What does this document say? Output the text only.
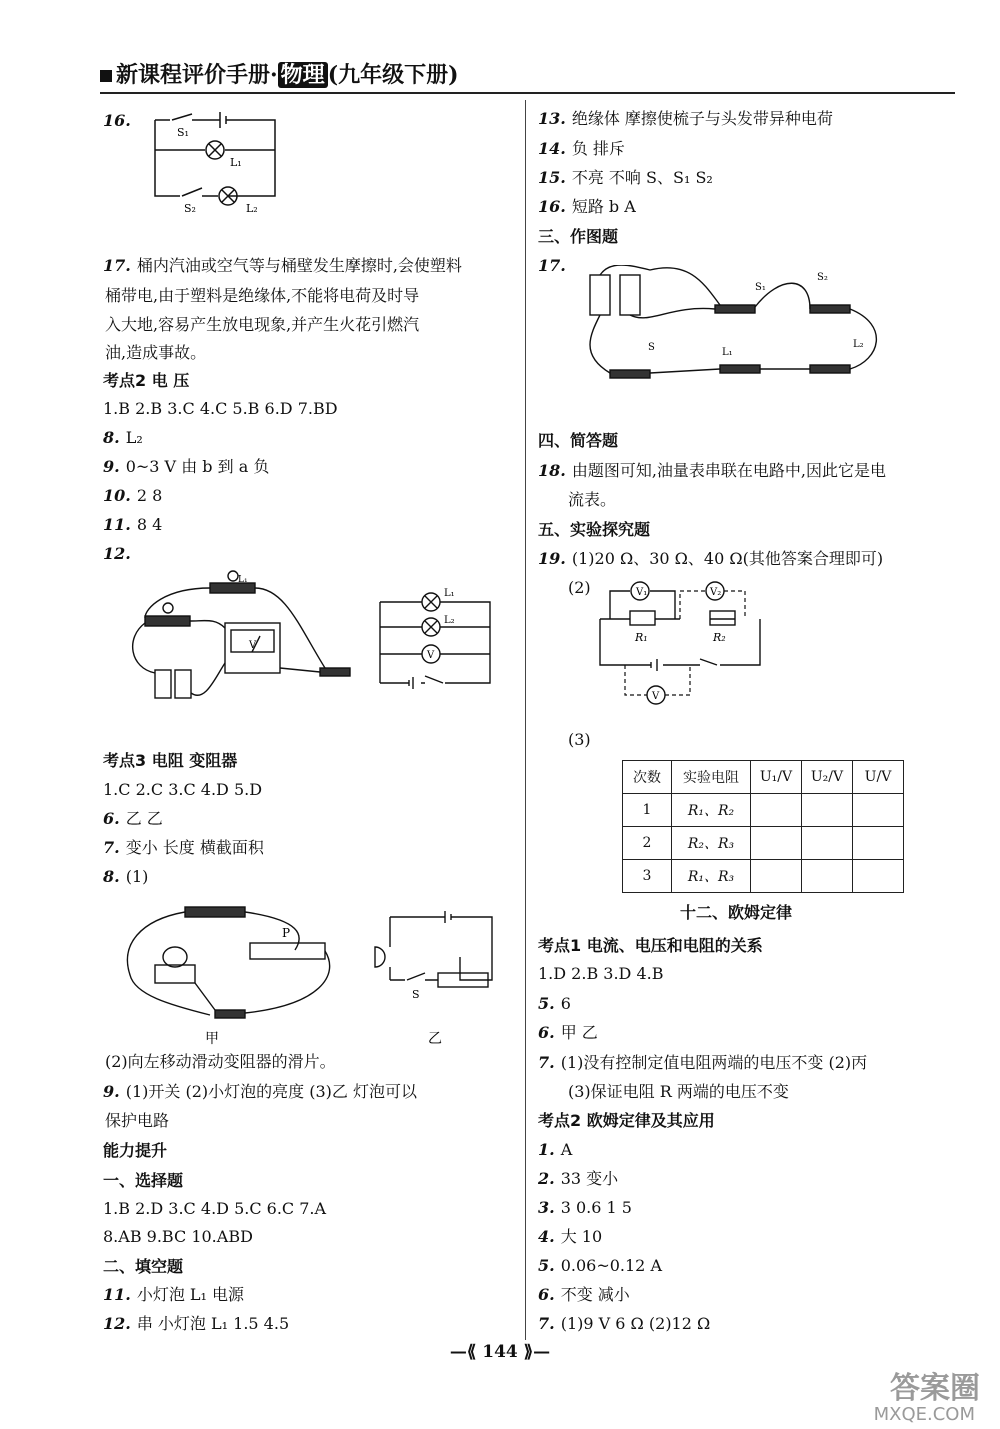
新课程评价手册· 物理 (九年级下册)
16.
17. 桶内汽油或空气等与桶壁发生摩擦时,会使塑料
桶带电,由于塑料是绝缘体,不能将电荷及时导
入大地,容易产生放电现象,并产生火花引燃汽
油,造成事故。
考点2 电 压
1.B 2.B 3.C 4.C 5.B 6.D 7.BD
8. L₂
9. 0~3 V 由 b 到 a 负
10. 2 8
11. 8 4
12.
考点3 电阻 变阻器
1.C 2.C 3.C 4.D 5.D
6. 乙 乙
7. 变小 长度 横截面积
8. (1)
(2)向左移动滑动变阻器的滑片。
9. (1)开关 (2)小灯泡的亮度 (3)乙 灯泡可以
保护电路
能力提升
一、选择题
1.B 2.D 3.C 4.D 5.C 6.C 7.A
8.AB 9.BC 10.ABD
二、填空题
11. 小灯泡 L₁ 电源
12. 串 小灯泡 L₁ 1.5 4.5
13. 绝缘体 摩擦使梳子与头发带异种电荷
14. 负 排斥
15. 不亮 不响 S、S₁ S₂
16. 短路 b A
三、作图题
17.
四、简答题
18. 由题图可知,油量表串联在电路中,因此它是电
流表。
五、实验探究题
19. (1)20 Ω、30 Ω、40 Ω(其他答案合理即可)
(2)
(3)
十二、欧姆定律
考点1 电流、电压和电阻的关系
1.D 2.B 3.D 4.B
5. 6
6. 甲 乙
7. (1)没有控制定值电阻两端的电压不变 (2)丙
(3)保证电阻 R 两端的电压不变
考点2 欧姆定律及其应用
1. A
2. 33 变小
3. 3 0.6 1 5
4. 大 10
5. 0.06~0.12 A
6. 不变 减小
7. (1)9 V 6 Ω (2)12 Ω
S₁
L₁
S₂	L₂
V
L₁
L₁
L₂
V
P
甲
S
乙
S₁
S₂
S	L₁
L₂
V₁	V₂
V
R₁	R₂
次数	实验电阻	U₁/V	U₂/V	U/V
1	R₁、R₂			
2	R₂、R₃			
3	R₁、R₃			
—⟪ 144 ⟫—
答案圈
MXQE.COM
